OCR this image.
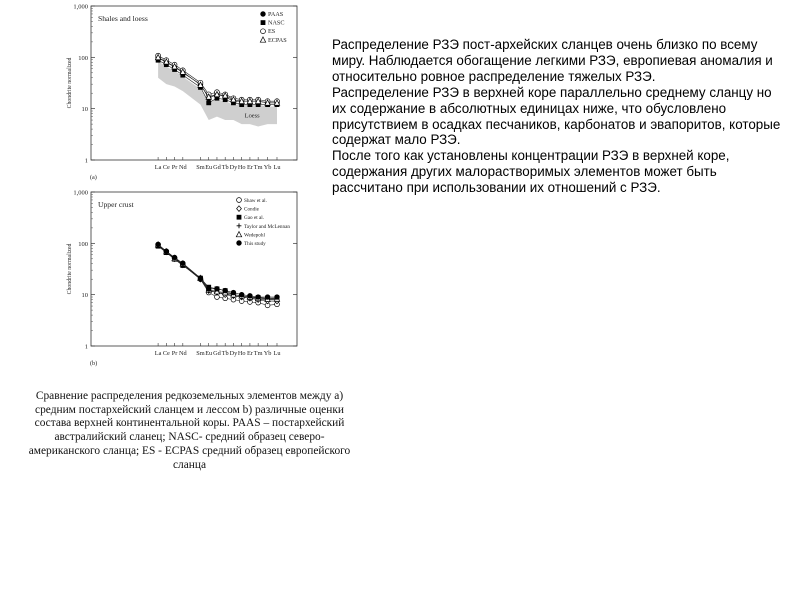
1
10
100
1,000
La Ce Pr Nd Sm Eu Gd Tb Dy Ho Er Tm Yb Lu
Chondrite normalized
Shales and loess
(a)
Loess
PAAS
NASC
ES
ECPAS
1
10
100
1,000
La Ce Pr Nd Sm Eu Gd Tb Dy Ho Er Tm Yb Lu
Chondrite normalized
Upper crust
(b)
Shaw et al.
Condie
Gao et al.
Taylor and McLennan
Wedepohl
This study

Сравнение распределения редкоземельных элементов между а) средним постархейский сланцем и лессом b) различные оценки состава верхней континентальной коры. PAAS – постархейский австралийский сланец; NASC- средний образец северо-американского сланца; ES - ECPAS средний образец европейского сланца

Распределение РЗЭ пост-архейских сланцев очень близко по всему миру. Наблюдается обогащение легкими РЗЭ, европиевая аномалия и относительно ровное распределение тяжелых РЗЭ.

Распределение РЗЭ в верхней коре параллельно среднему сланцу но их содержание в абсолютных единицах ниже, что обусловлено присутствием в осадках песчаников, карбонатов и эвапоритов, которые содержат мало РЗЭ.

После того как установлены концентрации РЗЭ в верхней коре, содержания других малорастворимых элементов может быть рассчитано при использовании их отношений с РЗЭ.
